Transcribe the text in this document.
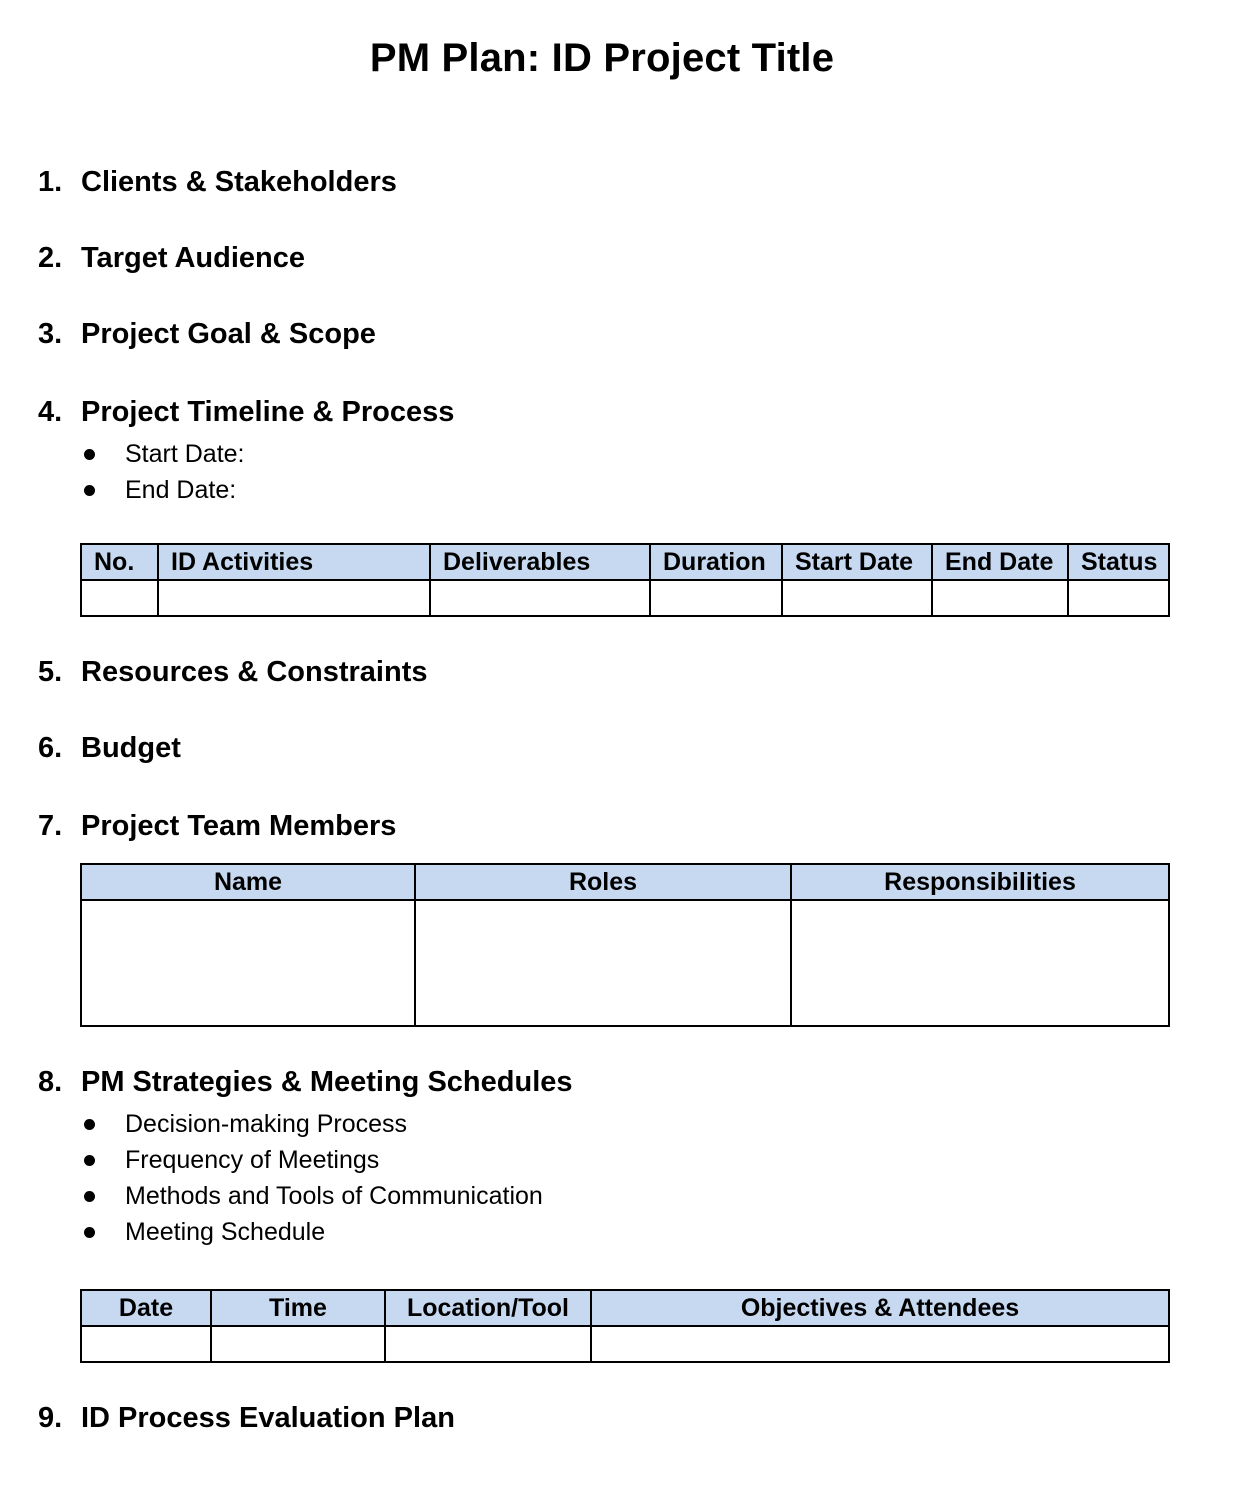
PM Plan: ID Project Title
1. Clients & Stakeholders
2. Target Audience
3. Project Goal & Scope
4. Project Timeline & Process
Start Date:
End Date:
No.	ID Activities	Deliverables	Duration	Start Date	End Date	Status

5. Resources & Constraints
6. Budget
7. Project Team Members
Name	Roles	Responsibilities

8. PM Strategies & Meeting Schedules
Decision-making Process
Frequency of Meetings
Methods and Tools of Communication
Meeting Schedule
Date	Time	Location/Tool	Objectives & Attendees

9. ID Process Evaluation Plan
